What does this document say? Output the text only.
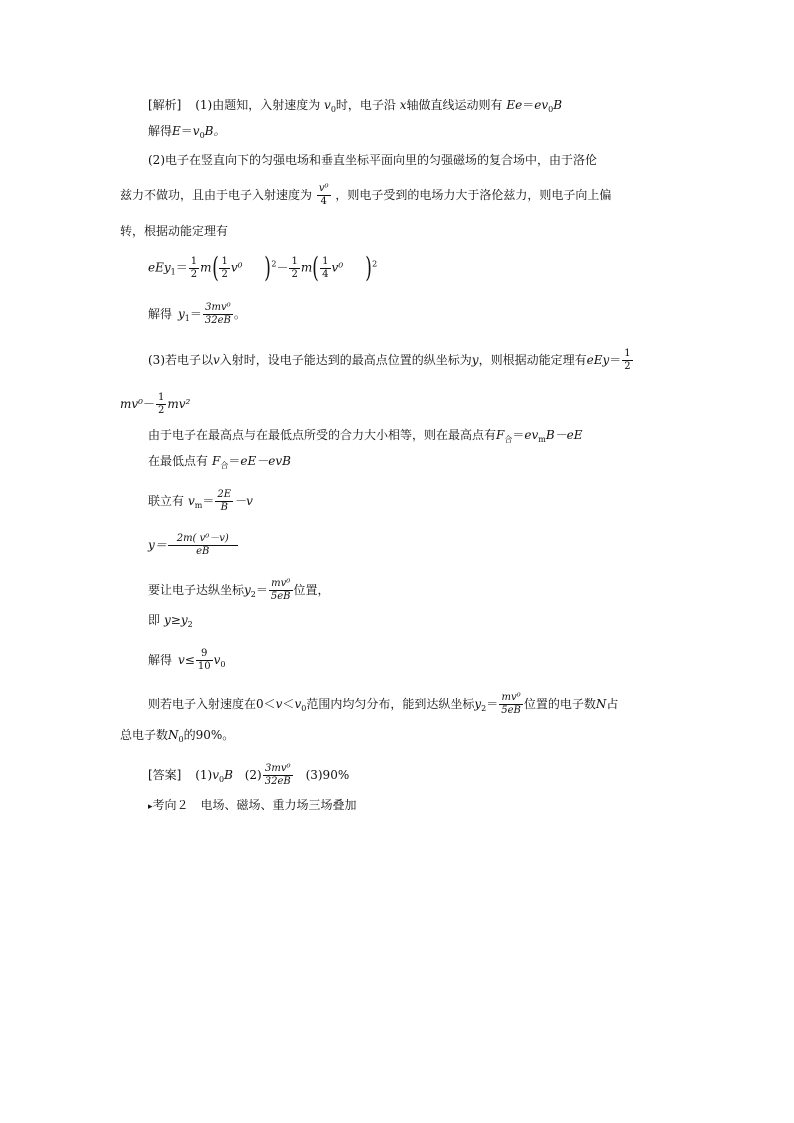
[解析] (1)由题知，入射速度为 $v_0$时，电子沿 x轴做直线运动则有 $Ee=ev_0B$
解得$E=v_0B$。
(2)电子在竖直向下的匀强电场和垂直坐标平面向里的匀强磁场的复合场中，由于洛伦
兹力不做功，且由于电子入射速度为 $\frac{\text{v⁰}}{4}$ ，则电子受到的电场力大于洛伦兹力，则电子向上偏
转，根据动能定理有
$eEy_1= \frac{1}{2} m( \frac{1}{2} v^0$ )$^2- \frac{1}{2} m( \frac{1}{4} v^0$ )$^2$
解得 $y_1= \frac{\text{3mv⁰}}{32eB}$ 。
(3)若电子以v入射时，设电子能达到的最高点位置的纵坐标为y，则根据动能定理有$eEy= \frac{1}{2}$
$mv^0- \frac{1}{2} mv^2$
由于电子在最高点与在最低点所受的合力大小相等，则在最高点有$F_合=ev_mB-eE$
在最低点有 $F_合=eE-evB$
联立有 $v_m= \frac{2E}{B} -v$
$y= \frac{\text{2m( v⁰－v)}}{eB}$
要让电子达纵坐标$y_2= \frac{\text{mv⁰}}{5eB}$ 位置，
即 $y\ge y_2$
解得 $v\le \frac{9}{10} v_0$
则若电子入射速度在$0<v<v_0$范围内均匀分布，能到达纵坐标$y_2= \frac{\text{mv⁰}}{5eB}$ 位置的电子数N占
总电子数$N_0$的90%。
[答案] $(1)v_0B$ $(2) \frac{\text{3mv⁰}}{32eB} (3)90\%$
▸考向２　电场、磁场、重力场三场叠加
